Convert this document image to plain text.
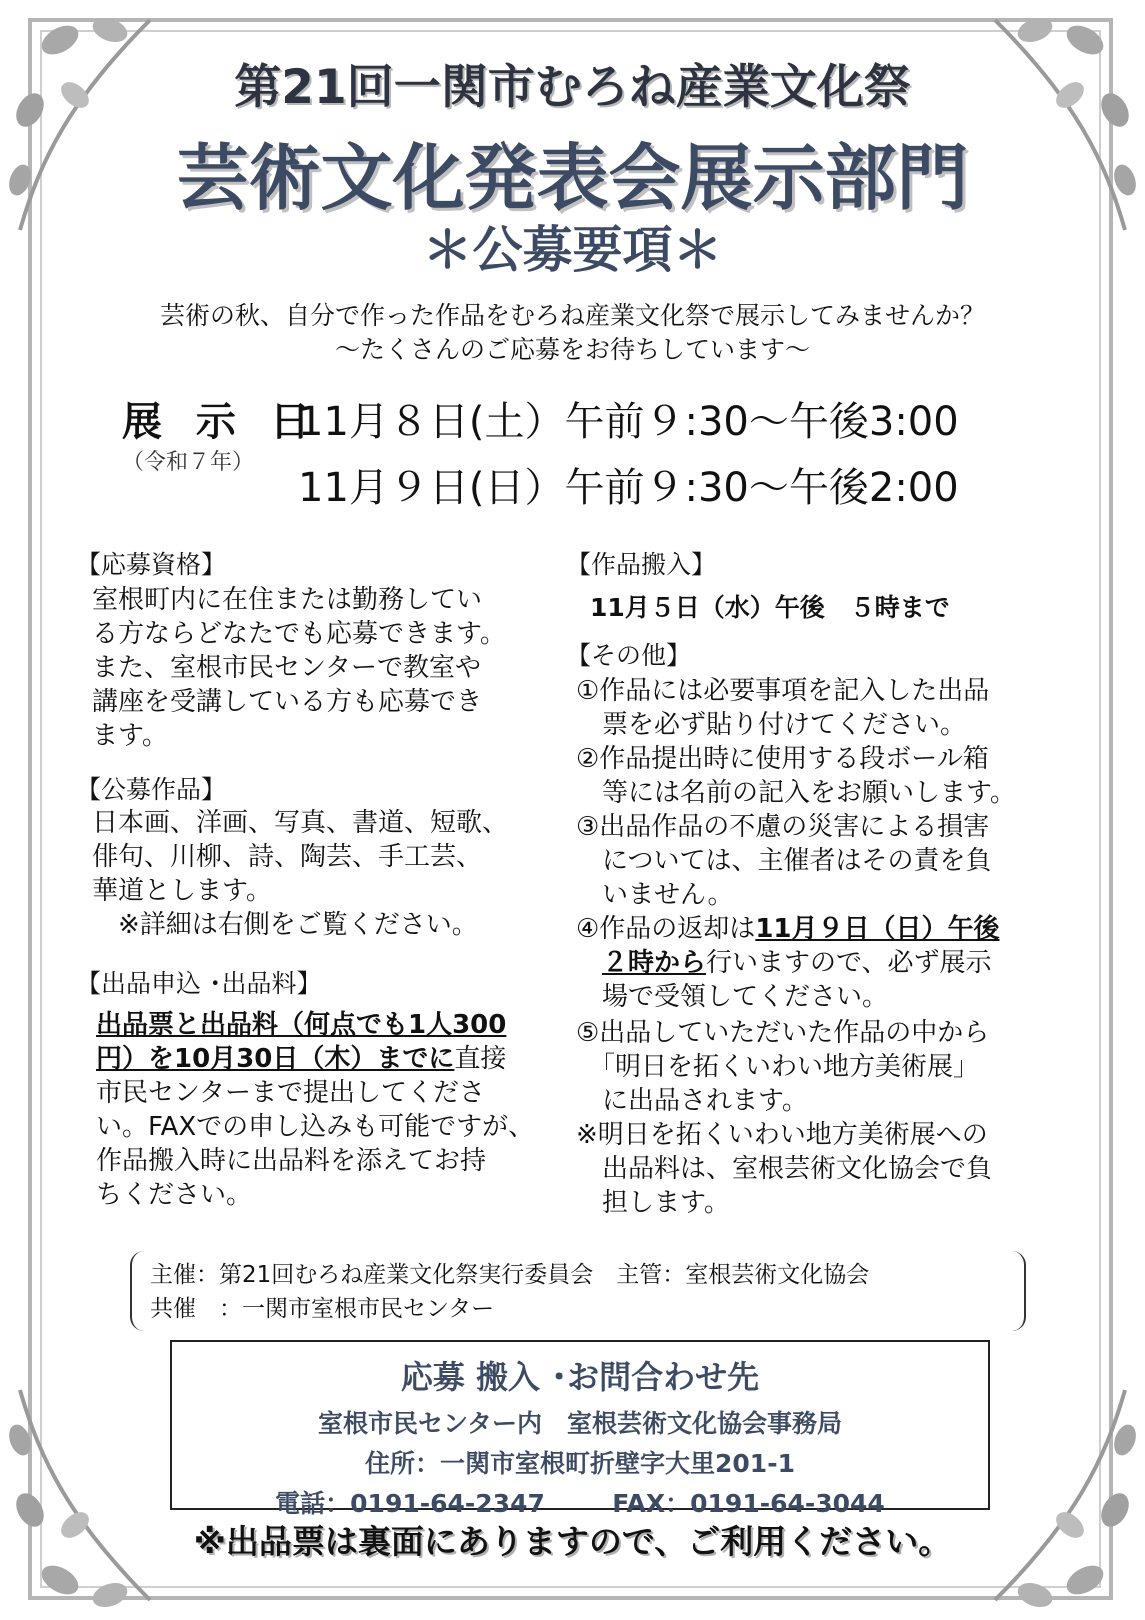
第21回一関市むろね産業文化祭
芸術文化発表会展示部門
＊公募要項＊
芸術の秋、自分で作った作品をむろね産業文化祭で展示してみませんか？
～たくさんのご応募をお待ちしています～
展 示 日
（令和７年）
11月８日(土）午前９:30～午後3:00
11月９日(日）午前９:30～午後2:00
【応募資格】
室根町内に在住または勤務してい
る方ならどなたでも応募できます。
また、室根市民センターで教室や
講座を受講している方も応募でき
ます。
【公募作品】
日本画、洋画、写真、書道、短歌、
俳句、川柳、詩、陶芸、手工芸、
華道とします。
　※詳細は右側をご覧ください。
【出品申込 ･出品料】
出品票と出品料（何点でも1人300
円）を10月30日（木）までに直接
市民センターまで提出してくださ
い。FAXでの申し込みも可能ですが、
作品搬入時に出品料を添えてお持
ちください。
【作品搬入】
11月５日（水）午後　５時まで
【その他】
①作品には必要事項を記入した出品
　票を必ず貼り付けてください。
②作品提出時に使用する段ボール箱
　等には名前の記入をお願いします。
③出品作品の不慮の災害による損害
　については、主催者はその責を負
　いません。
④作品の返却は11月９日（日）午後
　２時から行いますので、必ず展示
　場で受領してください。
⑤出品していただいた作品の中から
　「明日を拓くいわい地方美術展」
　に出品されます。
※明日を拓くいわい地方美術展への
　出品料は、室根芸術文化協会で負
　担します。
主催：第21回むろね産業文化祭実行委員会　主管：室根芸術文化協会
共催　：一関市室根市民センター
応募 搬入 ･お問合わせ先
室根市民センター内　室根芸術文化協会事務局
住所：一関市室根町折壁字大里201-1
電話：0191-64-2347	FAX：0191-64-3044
※出品票は裏面にありますので、ご利用ください。
